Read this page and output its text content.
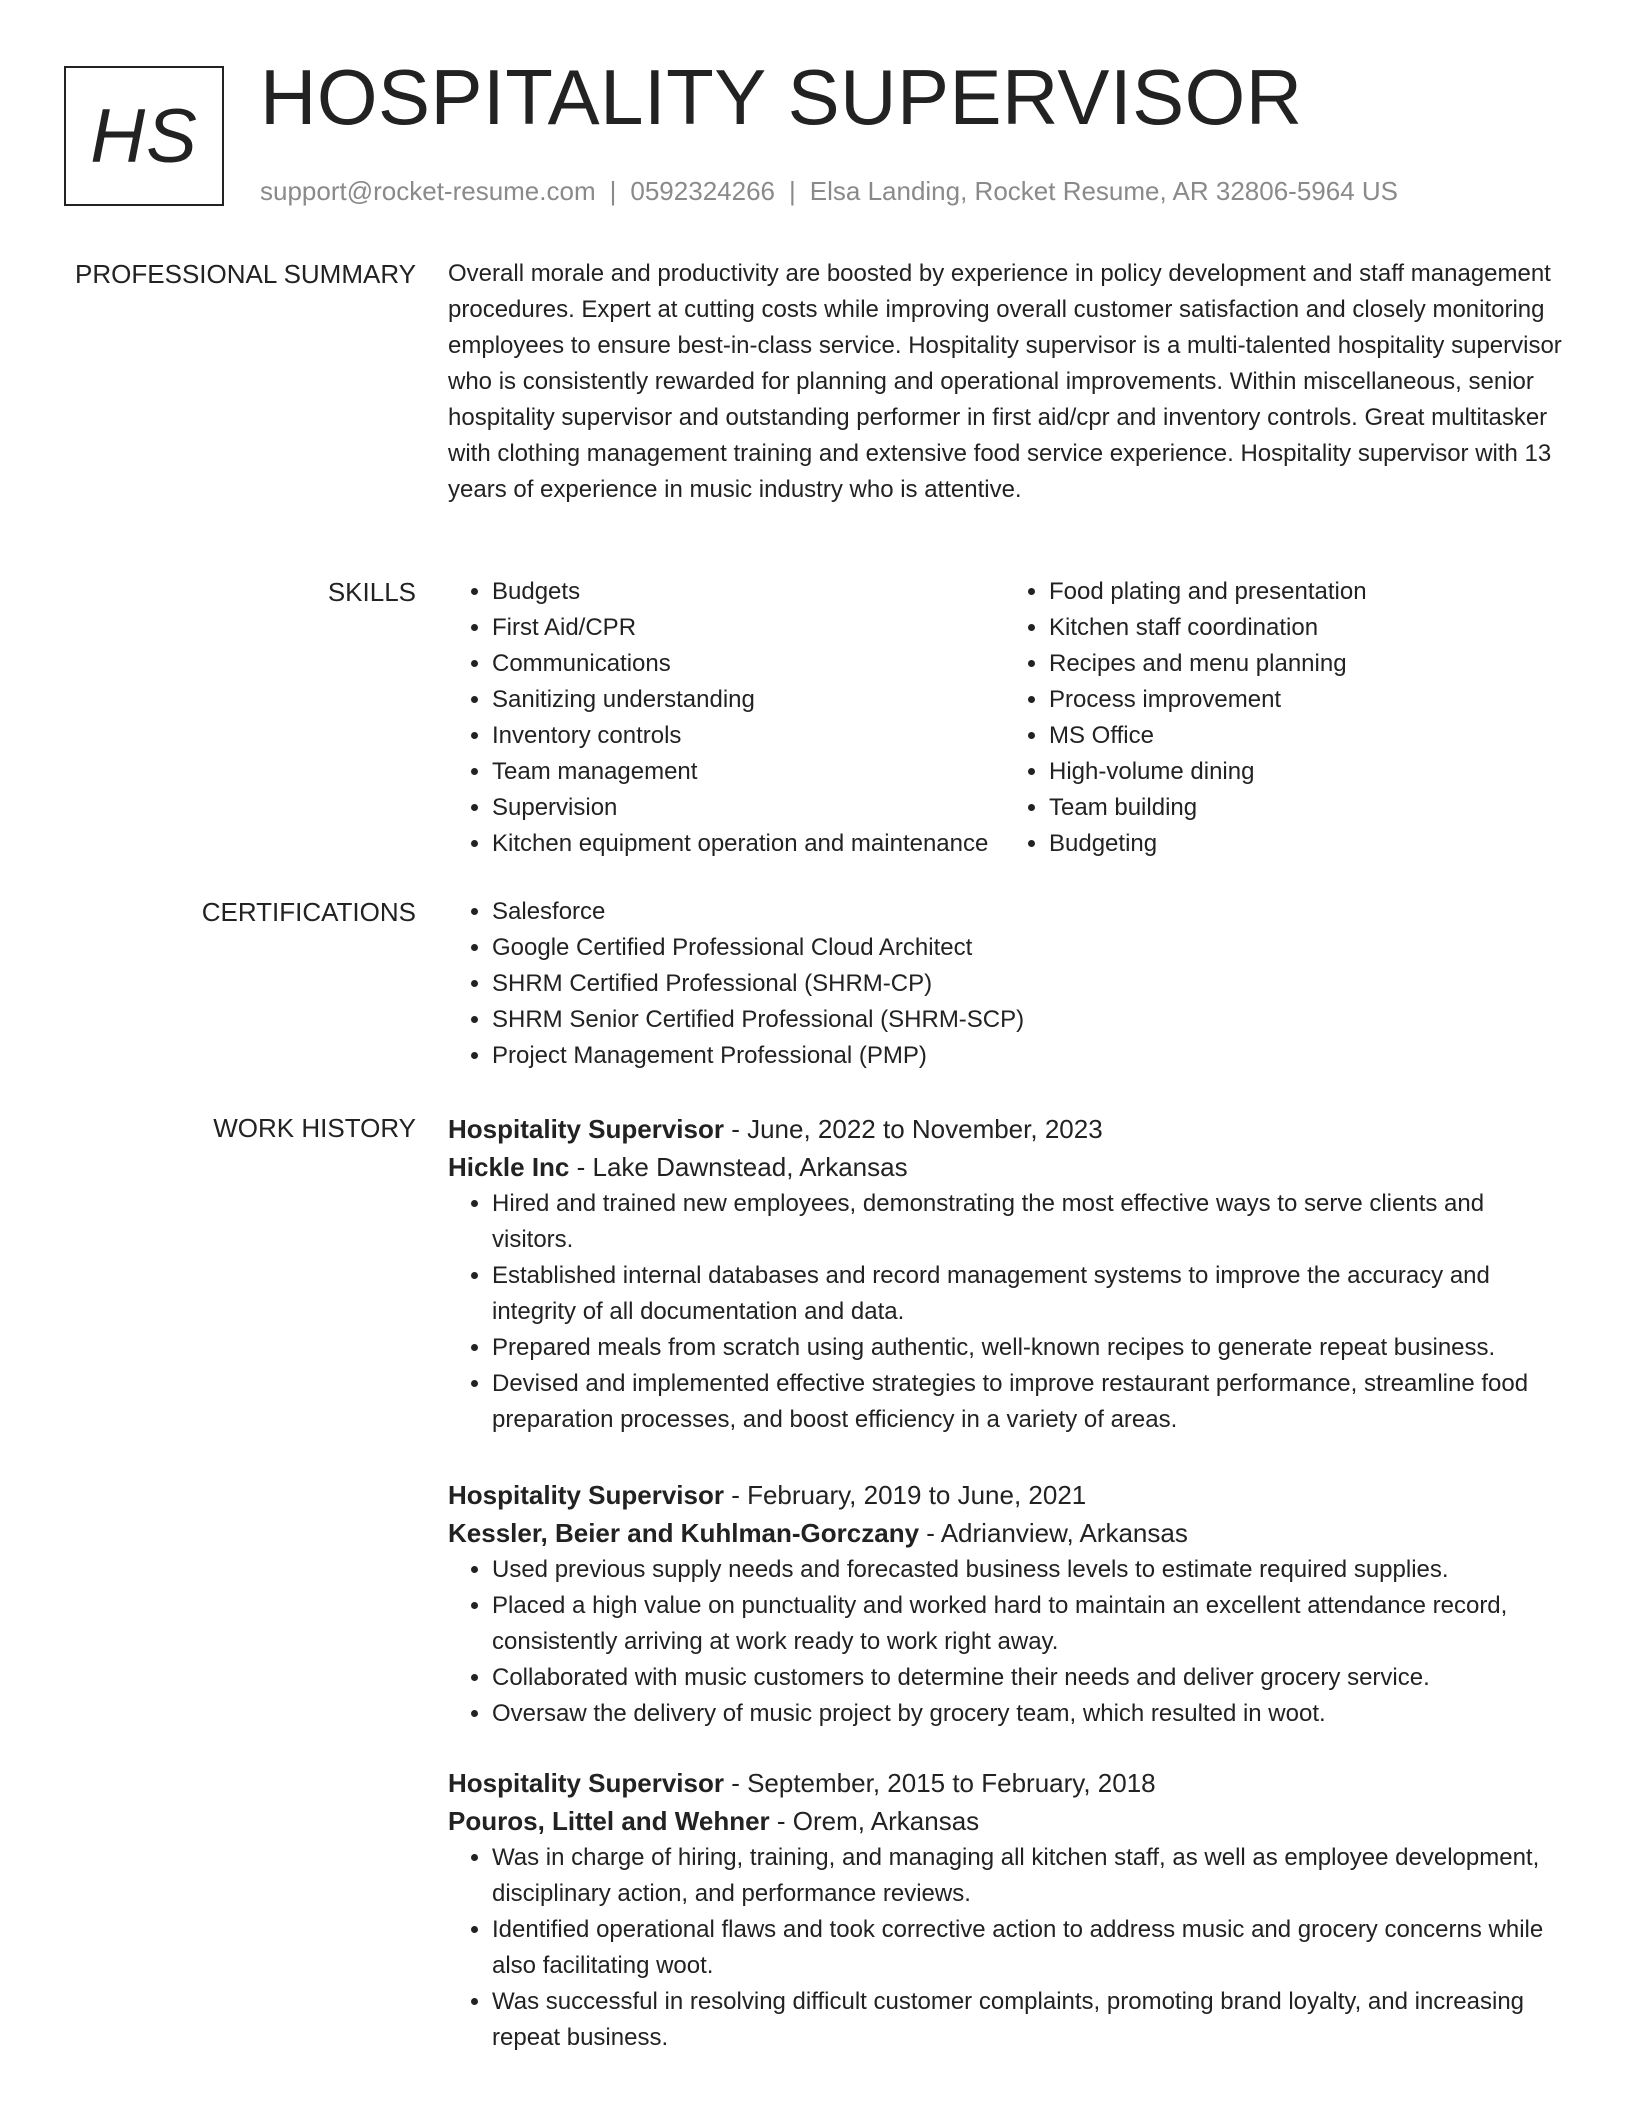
HS HOSPITALITY SUPERVISOR
support@rocket-resume.com | 0592324266 | Elsa Landing, Rocket Resume, AR 32806-5964 US
PROFESSIONAL SUMMARY Overall morale and productivity are boosted by experience in policy development and staff management procedures. Expert at cutting costs while improving overall customer satisfaction and closely monitoring employees to ensure best-in-class service. Hospitality supervisor is a multi-talented hospitality supervisor who is consistently rewarded for planning and operational improvements. Within miscellaneous, senior hospitality supervisor and outstanding performer in first aid/cpr and inventory controls. Great multitasker with clothing management training and extensive food service experience. Hospitality supervisor with 13 years of experience in music industry who is attentive.
SKILLS	• Budgets
• First Aid/CPR
• Communications
• Sanitizing understanding
• Inventory controls
• Team management
• Supervision
• Kitchen equipment operation and maintenance
• Food plating and presentation
• Kitchen staff coordination
• Recipes and menu planning
• Process improvement
• MS Office
• High-volume dining
• Team building
• Budgeting
CERTIFICATIONS	• Salesforce
• Google Certified Professional Cloud Architect
• SHRM Certified Professional (SHRM-CP)
• SHRM Senior Certified Professional (SHRM-SCP)
• Project Management Professional (PMP)
WORK HISTORY Hospitality Supervisor - June, 2022 to November, 2023
Hickle Inc - Lake Dawnstead, Arkansas
• Hired and trained new employees, demonstrating the most effective ways to serve clients and visitors.
• Established internal databases and record management systems to improve the accuracy and integrity of all documentation and data.
• Prepared meals from scratch using authentic, well-known recipes to generate repeat business.
• Devised and implemented effective strategies to improve restaurant performance, streamline food preparation processes, and boost efficiency in a variety of areas.
Hospitality Supervisor - February, 2019 to June, 2021
Kessler, Beier and Kuhlman-Gorczany - Adrianview, Arkansas
• Used previous supply needs and forecasted business levels to estimate required supplies.
• Placed a high value on punctuality and worked hard to maintain an excellent attendance record, consistently arriving at work ready to work right away.
• Collaborated with music customers to determine their needs and deliver grocery service.
• Oversaw the delivery of music project by grocery team, which resulted in woot.
Hospitality Supervisor - September, 2015 to February, 2018
Pouros, Littel and Wehner - Orem, Arkansas
• Was in charge of hiring, training, and managing all kitchen staff, as well as employee development, disciplinary action, and performance reviews.
• Identified operational flaws and took corrective action to address music and grocery concerns while also facilitating woot.
• Was successful in resolving difficult customer complaints, promoting brand loyalty, and increasing repeat business.
